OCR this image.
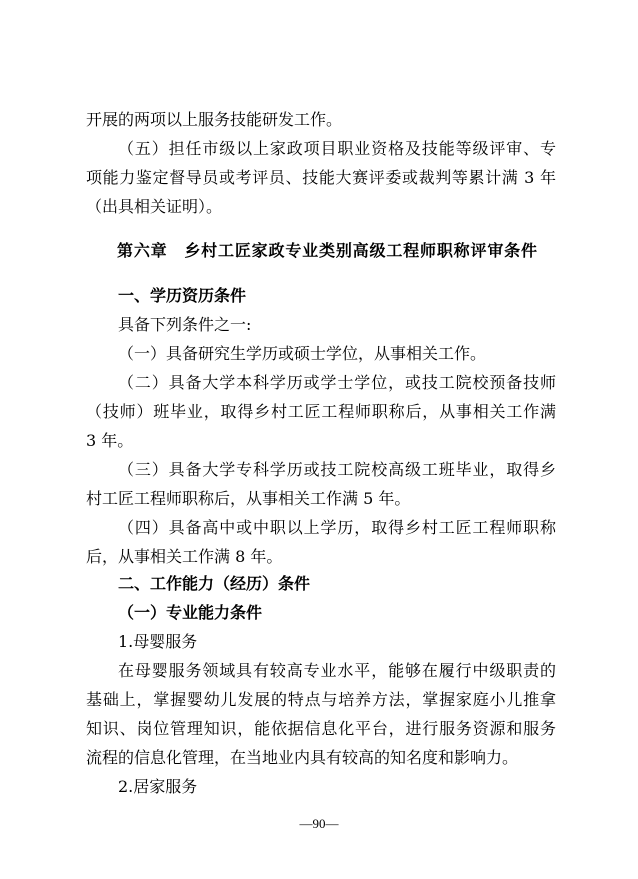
开展的两项以上服务技能研发工作。
（五）担任市级以上家政项目职业资格及技能等级评审、专
项能力鉴定督导员或考评员、技能大赛评委或裁判等累计满 3 年
（出具相关证明）。
第六章　乡村工匠家政专业类别高级工程师职称评审条件
一、学历资历条件
具备下列条件之一:
（一）具备研究生学历或硕士学位，从事相关工作。
（二）具备大学本科学历或学士学位，或技工院校预备技师
（技师）班毕业，取得乡村工匠工程师职称后，从事相关工作满
3 年。
（三）具备大学专科学历或技工院校高级工班毕业，取得乡
村工匠工程师职称后，从事相关工作满 5 年。
（四）具备高中或中职以上学历，取得乡村工匠工程师职称
后，从事相关工作满 8 年。
二、工作能力（经历）条件
（一）专业能力条件
1.母婴服务
在母婴服务领域具有较高专业水平，能够在履行中级职责的
基础上，掌握婴幼儿发展的特点与培养方法，掌握家庭小儿推拿
知识、岗位管理知识，能依据信息化平台，进行服务资源和服务
流程的信息化管理，在当地业内具有较高的知名度和影响力。
2.居家服务
—90—
